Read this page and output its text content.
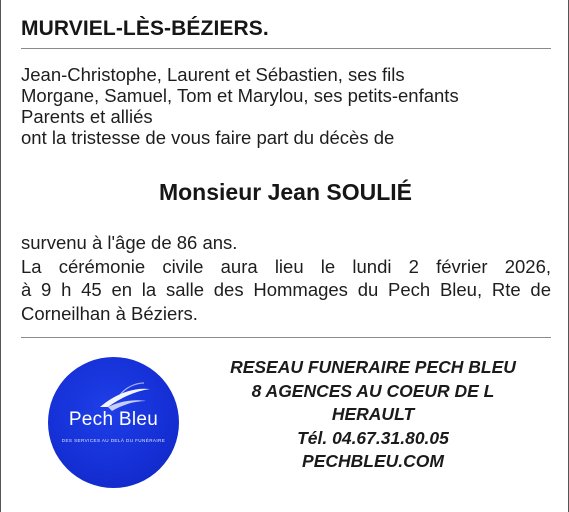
MURVIEL-LÈS-BÉZIERS.
Jean-Christophe, Laurent et Sébastien, ses fils
Morgane, Samuel, Tom et Marylou, ses petits-enfants
Parents et alliés
ont la tristesse de vous faire part du décès de
Monsieur Jean SOULIÉ
survenu à l'âge de 86 ans.
La cérémonie civile aura lieu le lundi 2 février 2026,
à 9 h 45 en la salle des Hommages du Pech Bleu, Rte de
Corneilhan à Béziers.
Pech Bleu
DES SERVICES AU DELÀ DU FUNÉRAIRE
RESEAU FUNERAIRE PECH BLEU
8 AGENCES AU COEUR DE L
HERAULT
Tél. 04.67.31.80.05
PECHBLEU.COM
